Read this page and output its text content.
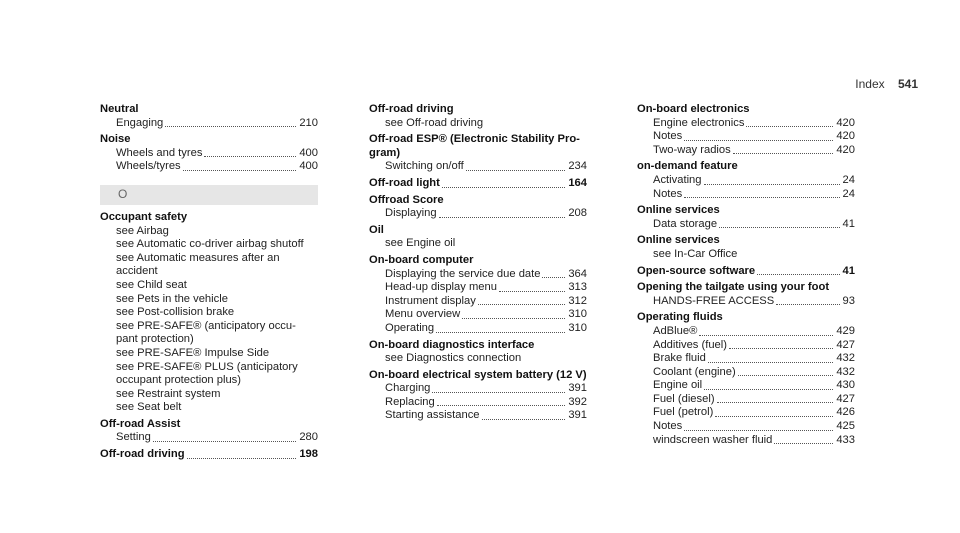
Index 541
Neutral
Engaging	210
Noise
Wheels and tyres	400
Wheels/tyres	400
O
Occupant safety
see Airbag
see Automatic co-driver airbag shutoff
see Automatic measures after an accident
see Child seat
see Pets in the vehicle
see Post-collision brake
see PRE-SAFE® (anticipatory occu-
pant protection)
see PRE-SAFE® Impulse Side
see PRE-SAFE® PLUS (anticipatory
occupant protection plus)
see Restraint system
see Seat belt
Off-road Assist
Setting	280
Off-road driving	198
Off-road driving
see Off-road driving
Off-road ESP® (Electronic Stability Pro-
gram)
Switching on/off	234
Off-road light	164
Offroad Score
Displaying	208
Oil
see Engine oil
On-board computer
Displaying the service due date 364
Head-up display menu	313
Instrument display	312
Menu overview	310
Operating	310
On-board diagnostics interface
see Diagnostics connection
On-board electrical system battery (12 V)
Charging	391
Replacing	392
Starting assistance	391
On-board electronics
Engine electronics	420
Notes	420
Two-way radios	420
on-demand feature
Activating	24
Notes	24
Online services
Data storage	41
Online services
see In-Car Office
Open-source software	41
Opening the tailgate using your foot
HANDS-FREE ACCESS	93
Operating fluids
AdBlue®	429
Additives (fuel)	427
Brake fluid	432
Coolant (engine)	432
Engine oil	430
Fuel (diesel)	427
Fuel (petrol)	426
Notes	425
windscreen washer fluid	433
